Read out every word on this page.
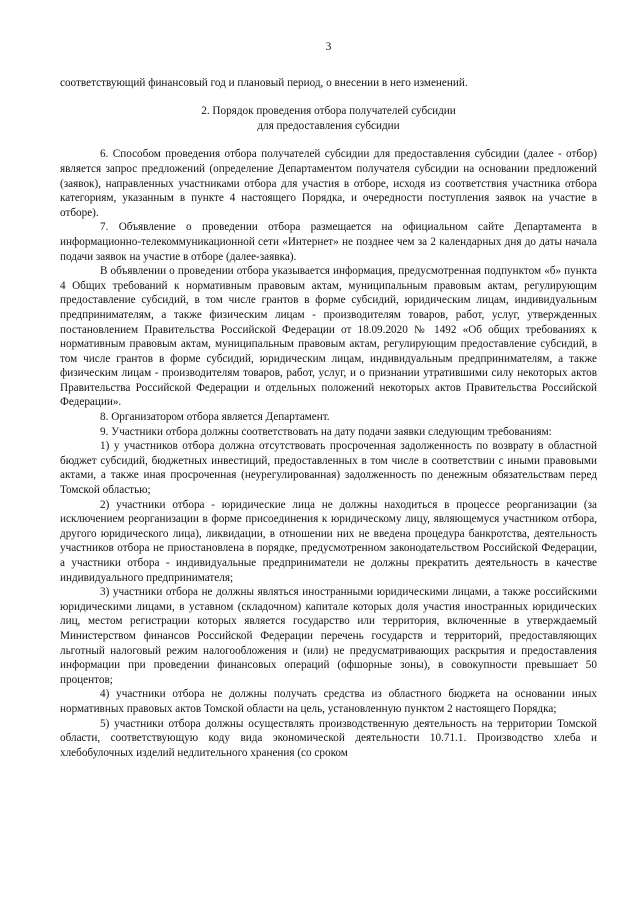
3
соответствующий финансовый год и плановый период, о внесении в него изменений.
2. Порядок проведения отбора получателей субсидии
для предоставления субсидии

6. Способом проведения отбора получателей субсидии для предоставления субсидии (далее - отбор) является запрос предложений (определение Департаментом получателя субсидии на основании предложений (заявок), направленных участниками отбора для участия в отборе, исходя из соответствия участника отбора категориям, указанным в пункте 4 настоящего Порядка, и очередности поступления заявок на участие в отборе).

7. Объявление о проведении отбора размещается на официальном сайте Департамента в информационно-телекоммуникационной сети «Интернет» не позднее чем за 2 календарных дня до даты начала подачи заявок на участие в отборе (далее-заявка).

В объявлении о проведении отбора указывается информация, предусмотренная подпунктом «б» пункта 4 Общих требований к нормативным правовым актам, муниципальным правовым актам, регулирующим предоставление субсидий, в том числе грантов в форме субсидий, юридическим лицам, индивидуальным предпринимателям, а также физическим лицам - производителям товаров, работ, услуг, утвержденных постановлением Правительства Российской Федерации от 18.09.2020 № 1492 «Об общих требованиях к нормативным правовым актам, муниципальным правовым актам, регулирующим предоставление субсидий, в том числе грантов в форме субсидий, юридическим лицам, индивидуальным предпринимателям, а также физическим лицам - производителям товаров, работ, услуг, и о признании утратившими силу некоторых актов Правительства Российской Федерации и отдельных положений некоторых актов Правительства Российской Федерации».

8. Организатором отбора является Департамент.

9. Участники отбора должны соответствовать на дату подачи заявки следующим требованиям:

1) у участников отбора должна отсутствовать просроченная задолженность по возврату в областной бюджет субсидий, бюджетных инвестиций, предоставленных в том числе в соответствии с иными правовыми актами, а также иная просроченная (неурегулированная) задолженность по денежным обязательствам перед Томской областью;

2) участники отбора - юридические лица не должны находиться в процессе реорганизации (за исключением реорганизации в форме присоединения к юридическому лицу, являющемуся участником отбора, другого юридического лица), ликвидации, в отношении них не введена процедура банкротства, деятельность участников отбора не приостановлена в порядке, предусмотренном законодательством Российской Федерации, а участники отбора - индивидуальные предприниматели не должны прекратить деятельность в качестве индивидуального предпринимателя;

3) участники отбора не должны являться иностранными юридическими лицами, а также российскими юридическими лицами, в уставном (складочном) капитале которых доля участия иностранных юридических лиц, местом регистрации которых является государство или территория, включенные в утверждаемый Министерством финансов Российской Федерации перечень государств и территорий, предоставляющих льготный налоговый режим налогообложения и (или) не предусматривающих раскрытия и предоставления информации при проведении финансовых операций (офшорные зоны), в совокупности превышает 50 процентов;

4) участники отбора не должны получать средства из областного бюджета на основании иных нормативных правовых актов Томской области на цель, установленную пунктом 2 настоящего Порядка;

5) участники отбора должны осуществлять производственную деятельность на территории Томской области, соответствующую коду вида экономической деятельности 10.71.1. Производство хлеба и хлебобулочных изделий недлительного хранения (со сроком
